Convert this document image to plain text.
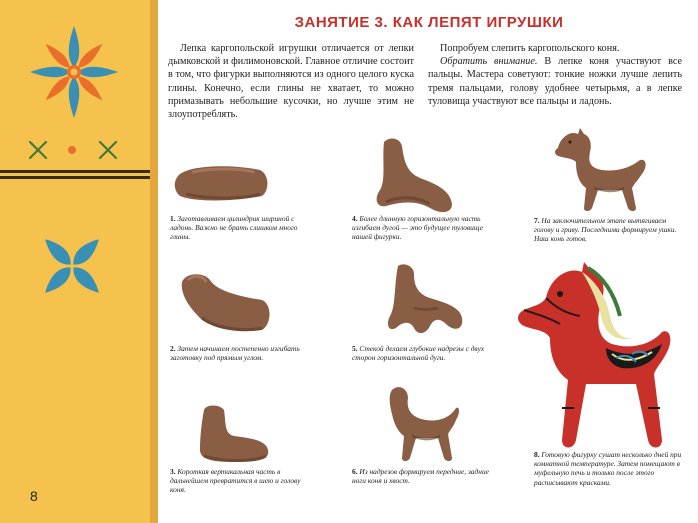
8
ЗАНЯТИЕ 3. КАК ЛЕПЯТ ИГРУШКИ

Лепка каргопольской игрушки отличается от лепки дымковской и филимоновской. Главное отличие состоит в том, что фигурки выполняются из одного целого куска глины. Конечно, если глины не хватает, то можно примазывать небольшие кусочки, но лучше этим не злоупотреблять.

Попробуем слепить каргопольского коня.
Обратить внимание. В лепке коня участвуют все пальцы. Мастера советуют: тонкие ножки лучше лепить тремя пальцами, голову удобнее четырьмя, а в лепке туловища участвуют все пальцы и ладонь.

1. Заготавливаем цилиндрик шириной с ладонь. Важно не брать слишком много глины.

2. Затем начинаем постепенно изгибать заготовку под прямым углом.

3. Короткая вертикальная часть в дальнейшем превратится в шею и голову коня.

4. Более длинную горизонтальную часть изгибаем дугой — это будущее туловище нашей фигурки.

5. Стекой делаем глубокие надрезы с двух сторон горизонтальной дуги.

6. Из надрезов формируем передние, задние ноги коня и хвост.

7. На заключительном этапе вытягиваем голову и гриву. Последними формируем ушки. Наш конь готов.

8. Готовую фигурку сушат несколько дней при комнатной температуре. Затем помещают в муфельную печь и только после этого расписывают красками.
